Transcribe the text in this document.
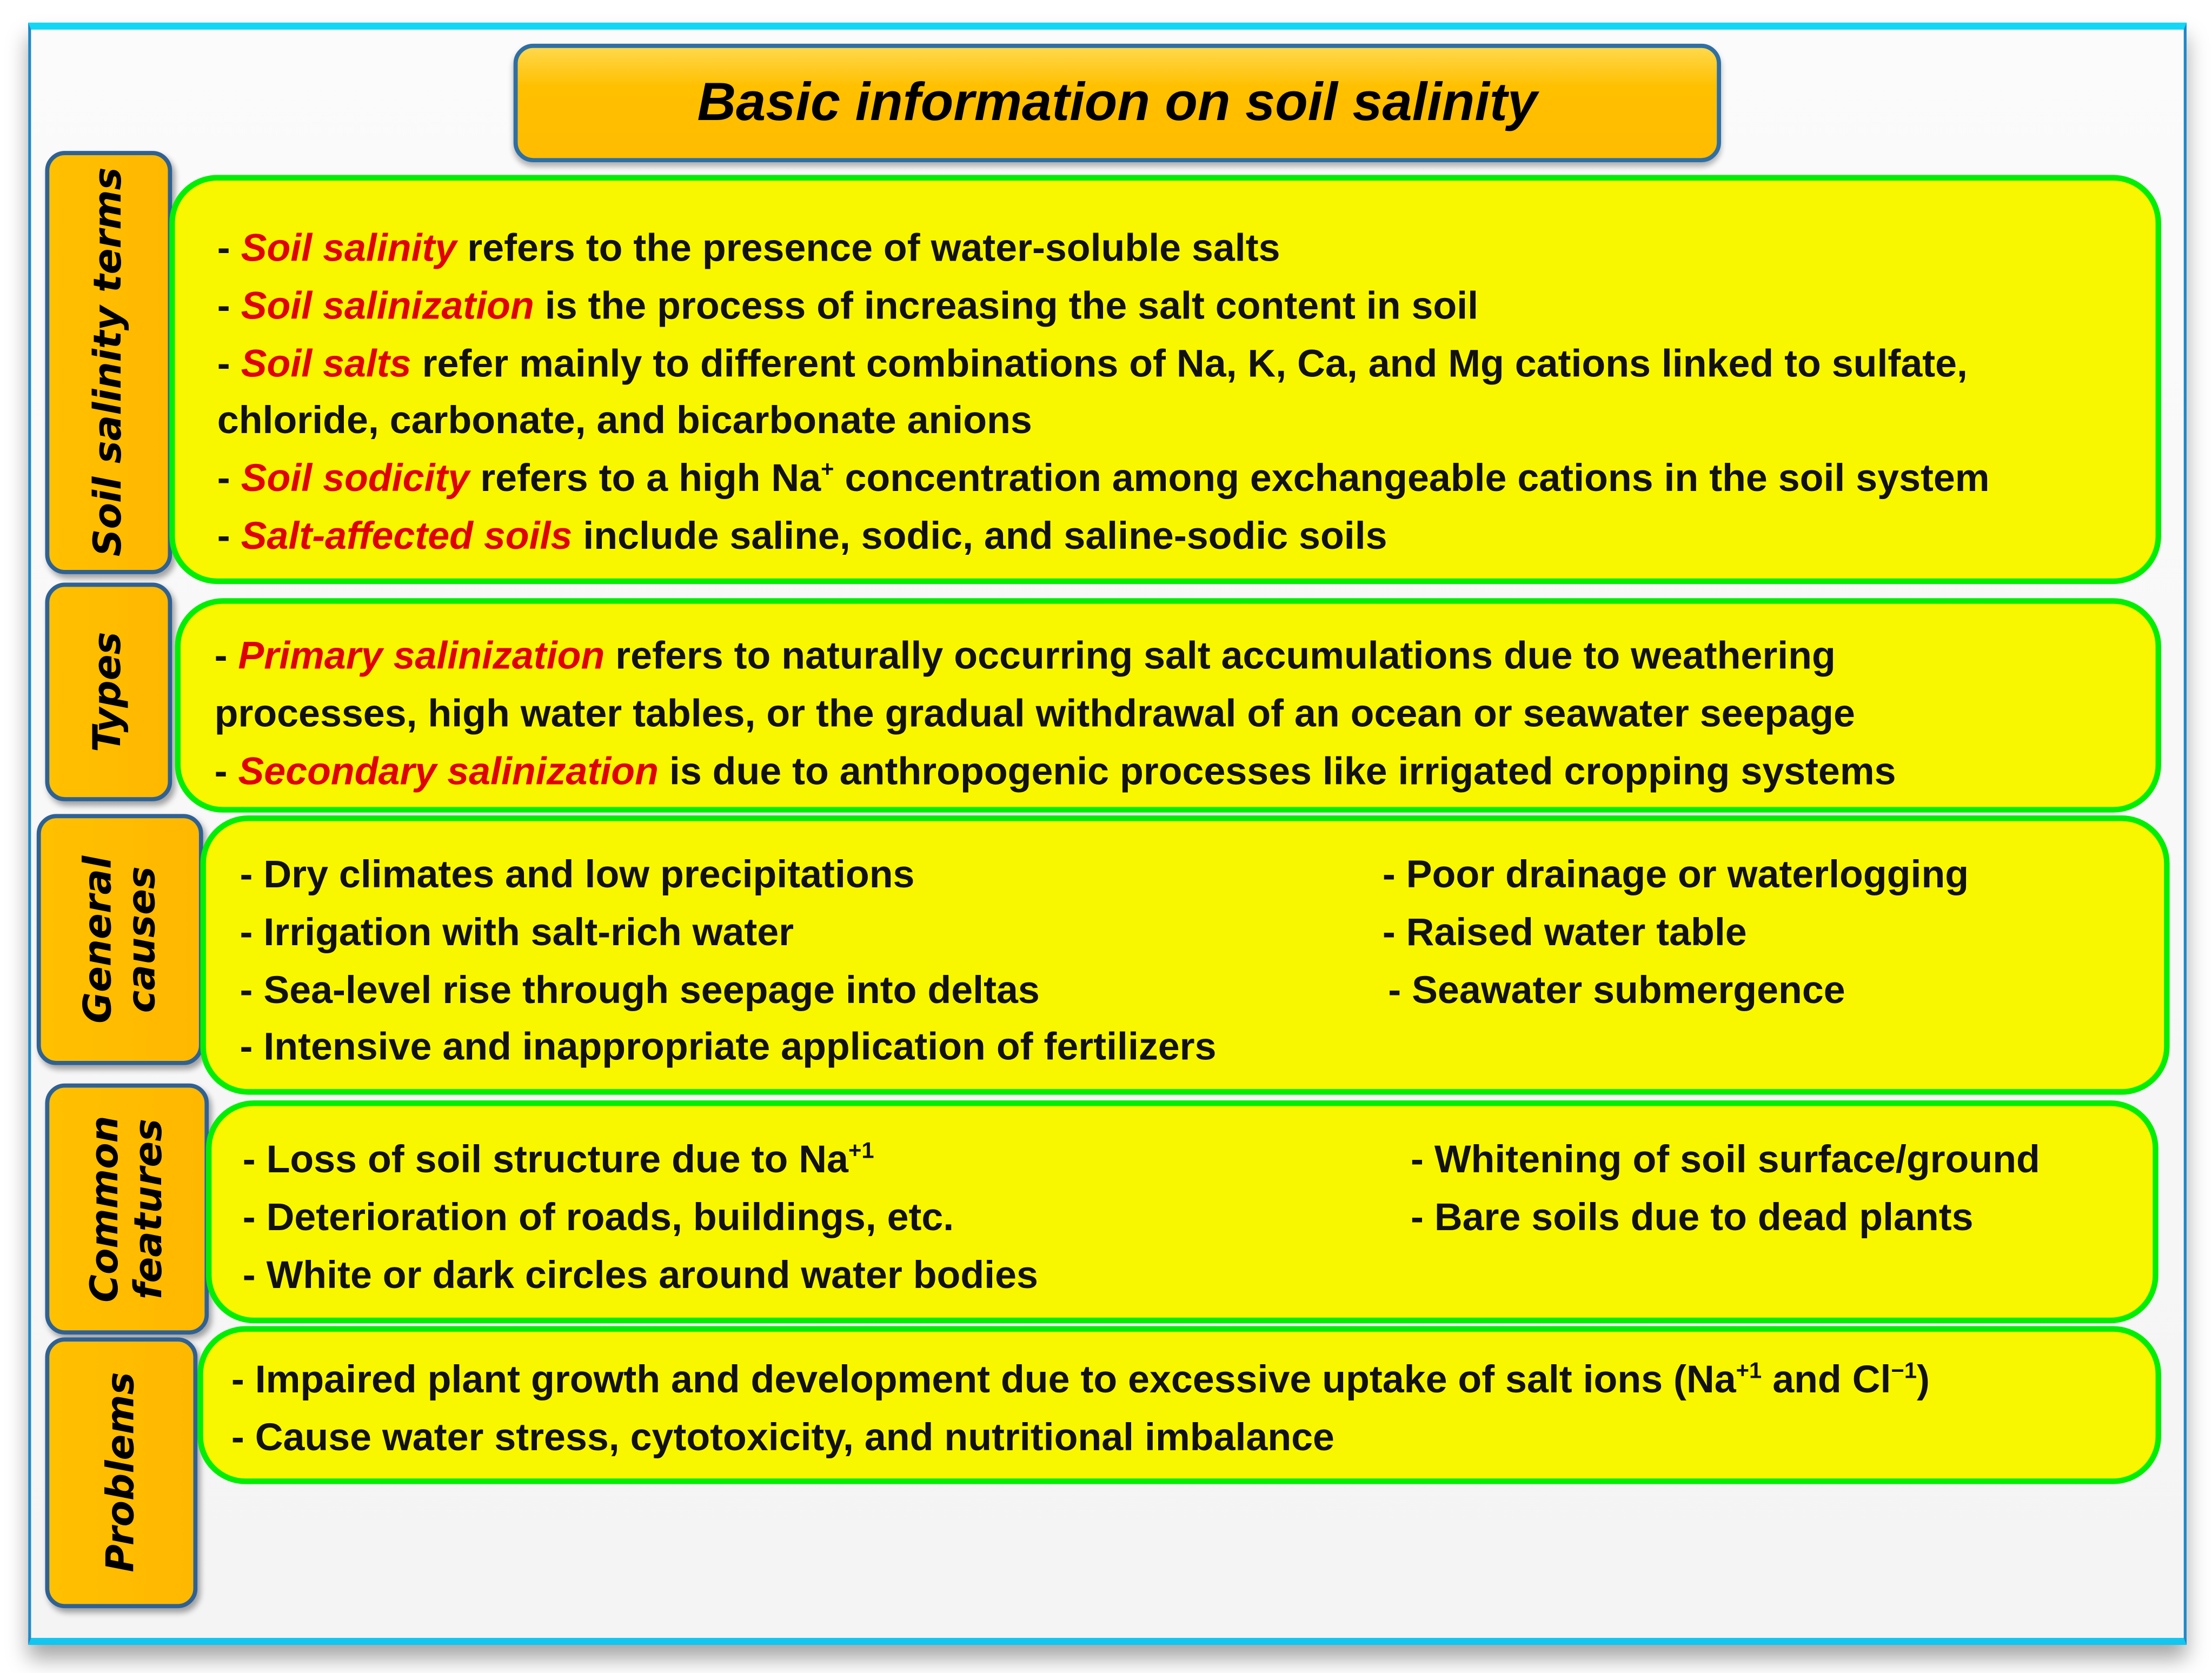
Basic information on soil salinity
Soil salinity terms
Types
General causes
Common features
Problems
- Soil salinity refers to the presence of water-soluble salts
- Soil salinization is the process of increasing the salt content in soil
- Soil salts refer mainly to different combinations of Na, K, Ca, and Mg cations linked to sulfate,
chloride, carbonate, and bicarbonate anions
- Soil sodicity refers to a high Na+ concentration among exchangeable cations in the soil system
- Salt-affected soils include saline, sodic, and saline-sodic soils
- Primary salinization refers to naturally occurring salt accumulations due to weathering
processes, high water tables, or the gradual withdrawal of an ocean or seawater seepage
- Secondary salinization is due to anthropogenic processes like irrigated cropping systems
- Dry climates and low precipitations
- Irrigation with salt-rich water
- Sea-level rise through seepage into deltas
- Intensive and inappropriate application of fertilizers
- Poor drainage or waterlogging
- Raised water table
- Seawater submergence
- Loss of soil structure due to $Na^{+1}$
- Deterioration of roads, buildings, etc.
- White or dark circles around water bodies
- Whitening of soil surface/ground
- Bare soils due to dead plants
- Impaired plant growth and development due to excessive uptake of salt ions ($Na^{+1}$ and $Cl^{-1}$)
- Cause water stress, cytotoxicity, and nutritional imbalance
